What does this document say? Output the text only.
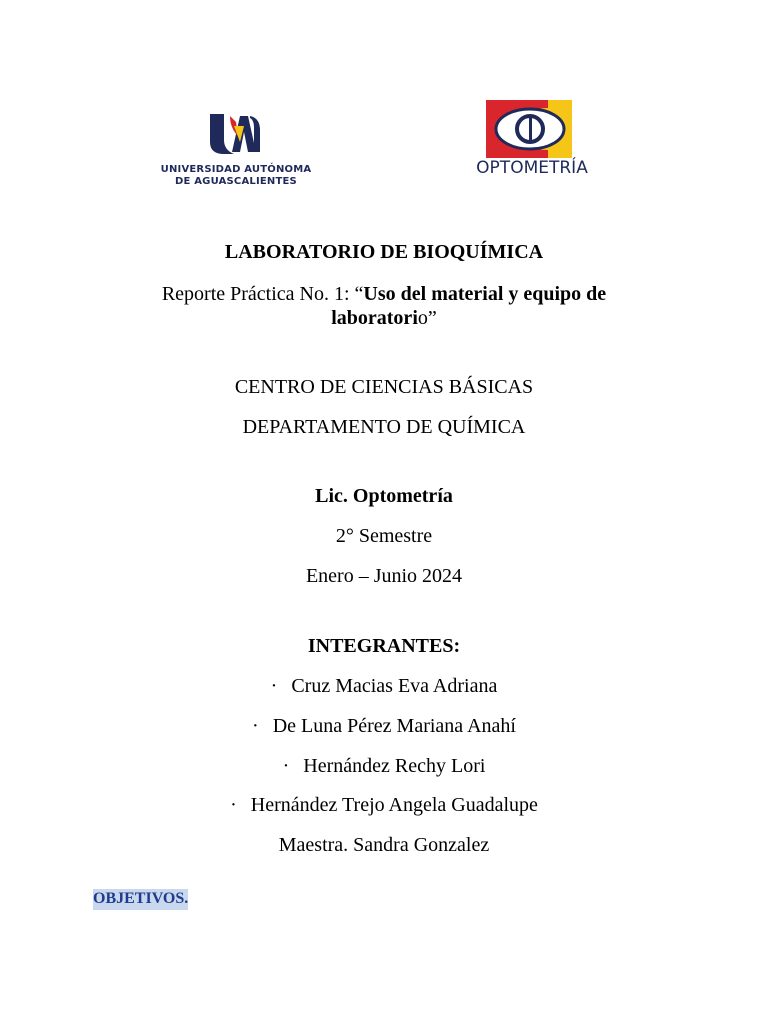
UNIVERSIDAD AUTÓNOMA
DE AGUASCALIENTES
OPTOMETRÍA
LABORATORIO DE BIOQUÍMICA
Reporte Práctica No. 1: “Uso del material y equipo de
laboratorio”
CENTRO DE CIENCIAS BÁSICAS
DEPARTAMENTO DE QUÍMICA
Lic. Optometría
2° Semestre
Enero – Junio 2024
INTEGRANTES:
· Cruz Macias Eva Adriana
· De Luna Pérez Mariana Anahí
· Hernández Rechy Lori
· Hernández Trejo Angela Guadalupe
Maestra. Sandra Gonzalez
OBJETIVOS.
